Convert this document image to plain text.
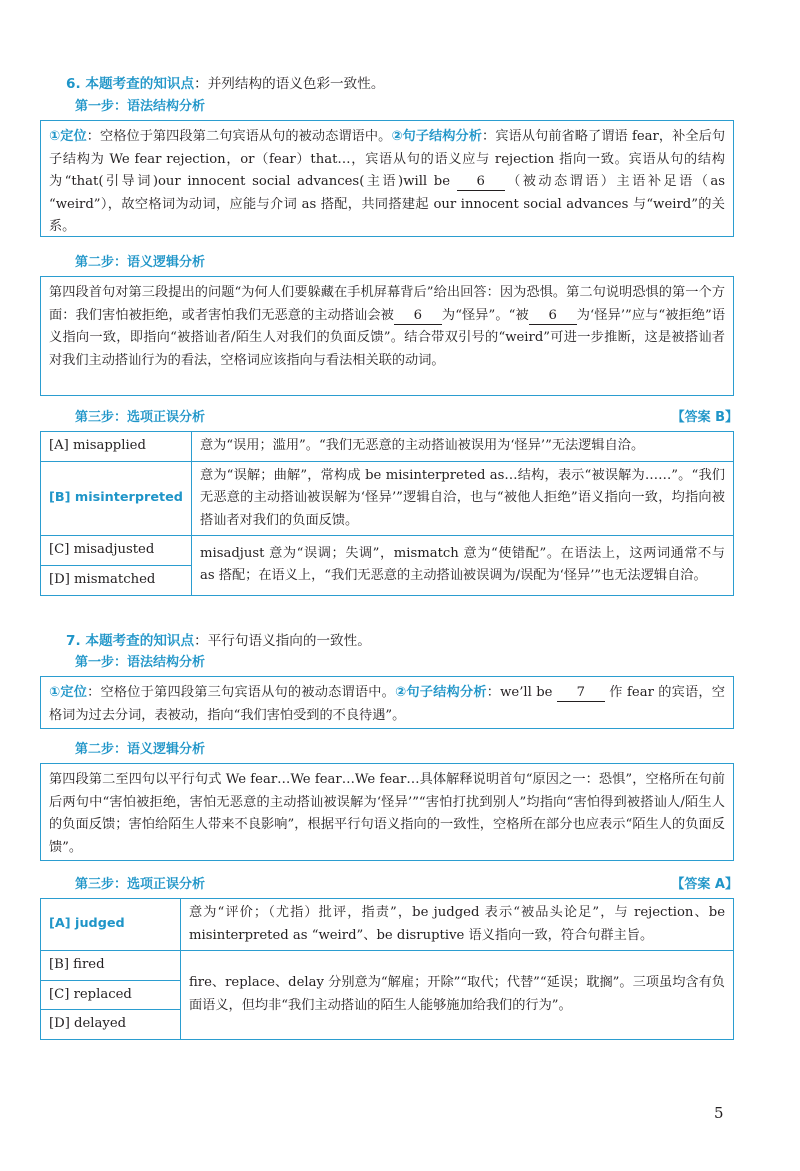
6. 本题考查的知识点：并列结构的语义色彩一致性。
第一步：语法结构分析
①定位：空格位于第四段第二句宾语从句的被动态谓语中。②句子结构分析：宾语从句前省略了谓语 fear，补全后句子结构为 We fear rejection，or（fear）that…，宾语从句的语义应与 rejection 指向一致。宾语从句的结构为“that(引导词)our innocent social advances(主语)will be 6 （被动态谓语）主语补足语（as “weird”），故空格词为动词，应能与介词 as 搭配，共同搭建起 our innocent social advances 与“weird”的关系。
第二步：语义逻辑分析
第四段首句对第三段提出的问题“为何人们要躲藏在手机屏幕背后”给出回答：因为恐惧。第二句说明恐惧的第一个方面：我们害怕被拒绝，或者害怕我们无恶意的主动搭讪会被 6 为“怪异”。“被 6 为‘怪异’”应与“被拒绝”语义指向一致，即指向“被搭讪者/陌生人对我们的负面反馈”。结合带双引号的“weird”可进一步推断，这是被搭讪者对我们主动搭讪行为的看法，空格词应该指向与看法相关联的动词。
第三步：选项正误分析	【答案 B】
[A] misapplied	意为“误用；滥用”。“我们无恶意的主动搭讪被误用为‘怪异’”无法逻辑自洽。
[B] misinterpreted	意为“误解；曲解”，常构成 be misinterpreted as…结构，表示“被误解为……”。“我们无恶意的主动搭讪被误解为‘怪异’”逻辑自洽，也与“被他人拒绝”语义指向一致，均指向被搭讪者对我们的负面反馈。
[C] misadjusted	misadjust 意为“误调；失调”，mismatch 意为“使错配”。在语法上，这两词通常不与 as 搭配；在语义上，“我们无恶意的主动搭讪被误调为/误配为‘怪异’”也无法逻辑自洽。
[D] mismatched	
7. 本题考查的知识点：平行句语义指向的一致性。
第一步：语法结构分析
①定位：空格位于第四段第三句宾语从句的被动态谓语中。②句子结构分析：we’ll be 7 作 fear 的宾语，空格词为过去分词，表被动，指向“我们害怕受到的不良待遇”。
第二步：语义逻辑分析
第四段第二至四句以平行句式 We fear…We fear…We fear…具体解释说明首句“原因之一：恐惧”，空格所在句前后两句中“害怕被拒绝，害怕无恶意的主动搭讪被误解为‘怪异’”“害怕打扰到别人”均指向“害怕得到被搭讪人/陌生人的负面反馈；害怕给陌生人带来不良影响”，根据平行句语义指向的一致性，空格所在部分也应表示“陌生人的负面反馈”。
第三步：选项正误分析	【答案 A】
[A] judged	意为“评价；（尤指）批评，指责”，be judged 表示“被品头论足”，与 rejection、be misinterpreted as “weird”、be disruptive 语义指向一致，符合句群主旨。
[B] fired	fire、replace、delay 分别意为“解雇；开除”“取代；代替”“延误；耽搁”。三项虽均含有负面语义，但均非“我们主动搭讪的陌生人能够施加给我们的行为”。
[C] replaced	
[D] delayed	
5
